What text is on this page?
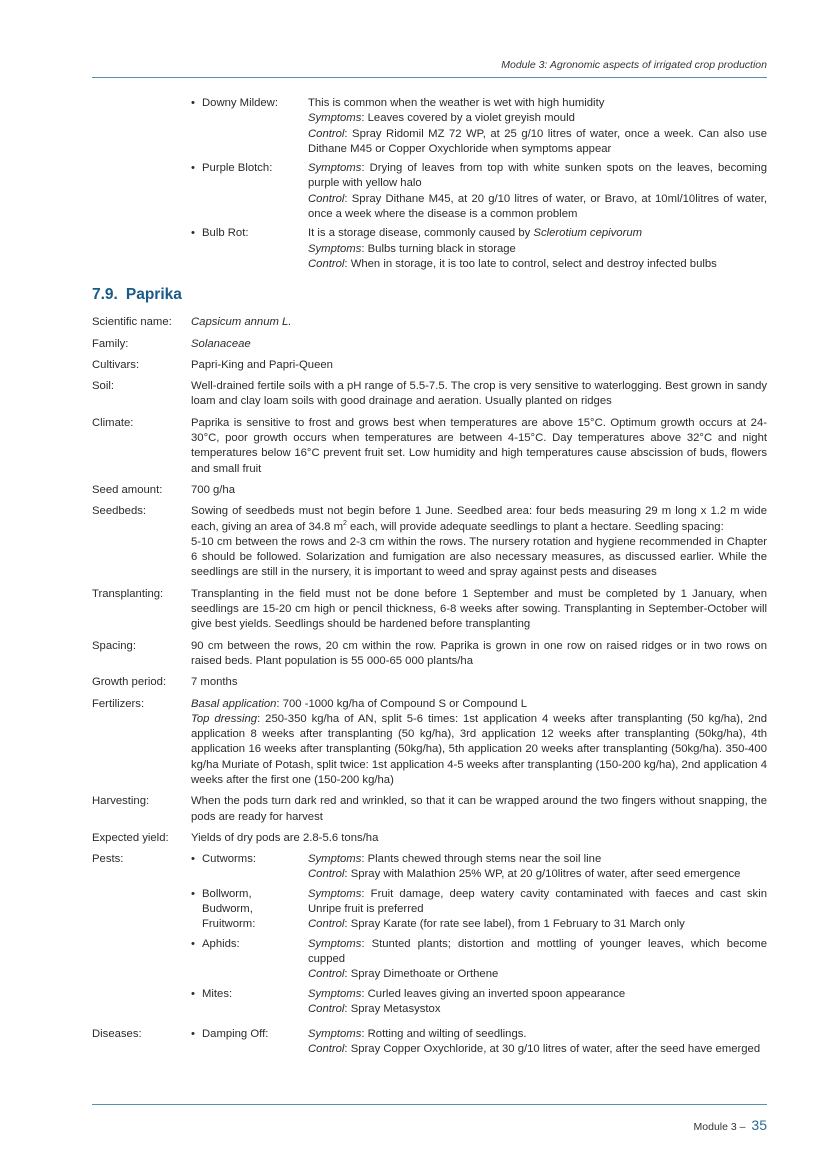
Module 3: Agronomic aspects of irrigated crop production
• Downy Mildew:	This is common when the weather is wet with high humidity

Symptoms: Leaves covered by a violet greyish mould

Control: Spray Ridomil MZ 72 WP, at 25 g/10 litres of water, once a week. Can also use Dithane M45 or Copper Oxychloride when symptoms appear

• Purple Blotch:	Symptoms: Drying of leaves from top with white sunken spots on the leaves, becoming purple with yellow halo

Control: Spray Dithane M45, at 20 g/10 litres of water, or Bravo, at 10ml/10litres of water, once a week where the disease is a common problem

• Bulb Rot:	It is a storage disease, commonly caused by Sclerotium cepivorum

Symptoms: Bulbs turning black in storage

Control: When in storage, it is too late to control, select and destroy infected bulbs

7.9. Paprika
Scientific name:	Capsicum annum L.
Family:	Solanaceae
Cultivars:	Papri-King and Papri-Queen
Soil:	Well-drained fertile soils with a pH range of 5.5-7.5. The crop is very sensitive to waterlogging. Best grown in sandy loam and clay loam soils with good drainage and aeration. Usually planted on ridges
Climate:	Paprika is sensitive to frost and grows best when temperatures are above 15°C. Optimum growth occurs at 24-30°C, poor growth occurs when temperatures are between 4-15°C. Day temperatures above 32°C and night temperatures below 16°C prevent fruit set. Low humidity and high temperatures cause abscission of buds, flowers and small fruit
Seed amount:	700 g/ha
Seedbeds:	Sowing of seedbeds must not begin before 1 June. Seedbed area: four beds measuring 29 m long x 1.2 m wide each, giving an area of 34.8 $m^2$ each, will provide adequate seedlings to plant a hectare. Seedling spacing:

5-10 cm between the rows and 2-3 cm within the rows. The nursery rotation and hygiene recommended in Chapter 6 should be followed. Solarization and fumigation are also necessary measures, as discussed earlier. While the seedlings are still in the nursery, it is important to weed and spray against pests and diseases

Transplanting:	Transplanting in the field must not be done before 1 September and must be completed by 1 January, when seedlings are 15-20 cm high or pencil thickness, 6-8 weeks after sowing. Transplanting in September-October will give best yields. Seedlings should be hardened before transplanting
Spacing:	90 cm between the rows, 20 cm within the row. Paprika is grown in one row on raised ridges or in two rows on raised beds. Plant population is 55 000-65 000 plants/ha
Growth period:	7 months
Fertilizers:	Basal application: 700 -1000 kg/ha of Compound S or Compound L

Top dressing: 250-350 kg/ha of AN, split 5-6 times: 1st application 4 weeks after transplanting (50 kg/ha), 2nd application 8 weeks after transplanting (50 kg/ha), 3rd application 12 weeks after transplanting (50kg/ha), 4th application 16 weeks after transplanting (50kg/ha), 5th application 20 weeks after transplanting (50kg/ha). 350-400 kg/ha Muriate of Potash, split twice: 1st application 4-5 weeks after transplanting (150-200 kg/ha), 2nd application 4 weeks after the first one (150-200 kg/ha)

Harvesting:	When the pods turn dark red and wrinkled, so that it can be wrapped around the two fingers without snapping, the pods are ready for harvest
Expected yield:	Yields of dry pods are 2.8-5.6 tons/ha
Pests:	• Cutworms:	Symptoms: Plants chewed through stems near the soil line

Control: Spray with Malathion 25% WP, at 20 g/10litres of water, after seed emergence

• Bollworm,
Budworm,
Fruitworm:

Symptoms: Fruit damage, deep watery cavity contaminated with faeces and cast skin Unripe fruit is preferred

Control: Spray Karate (for rate see label), from 1 February to 31 March only

• Aphids:	Symptoms: Stunted plants; distortion and mottling of younger leaves, which become cupped

Control: Spray Dimethoate or Orthene

• Mites:	Symptoms: Curled leaves giving an inverted spoon appearance

Control: Spray Metasystox

Diseases:	• Damping Off:	Symptoms: Rotting and wilting of seedlings.

Control: Spray Copper Oxychloride, at 30 g/10 litres of water, after the seed have emerged

Module 3 – 35
